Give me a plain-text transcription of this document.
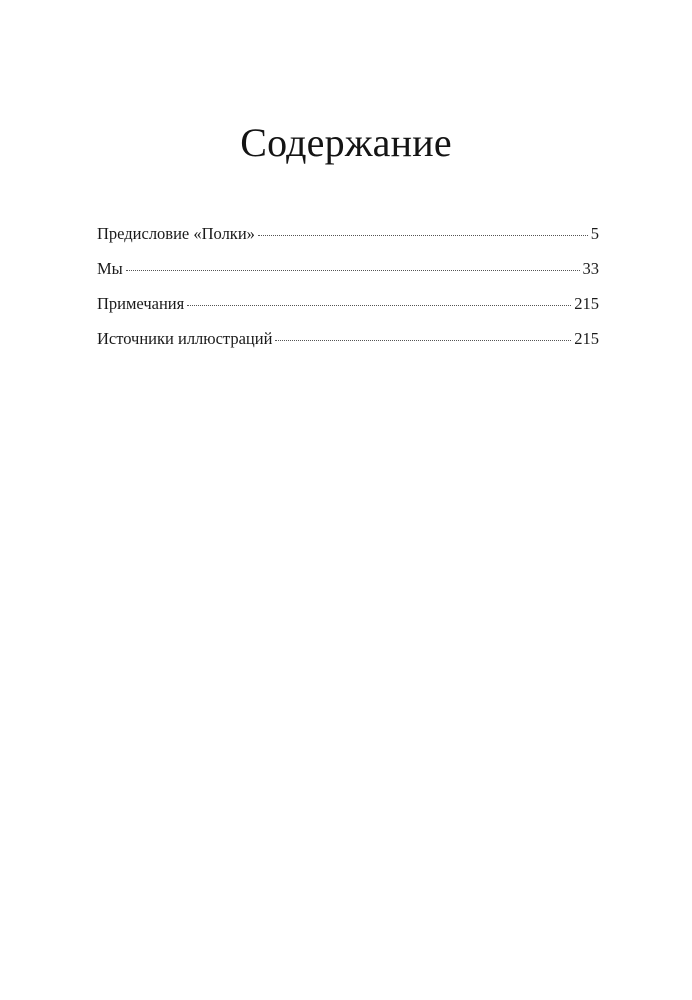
Содержание
Предисловие «Полки»	5
Мы	33
Примечания	215
Источники иллюстраций	215
